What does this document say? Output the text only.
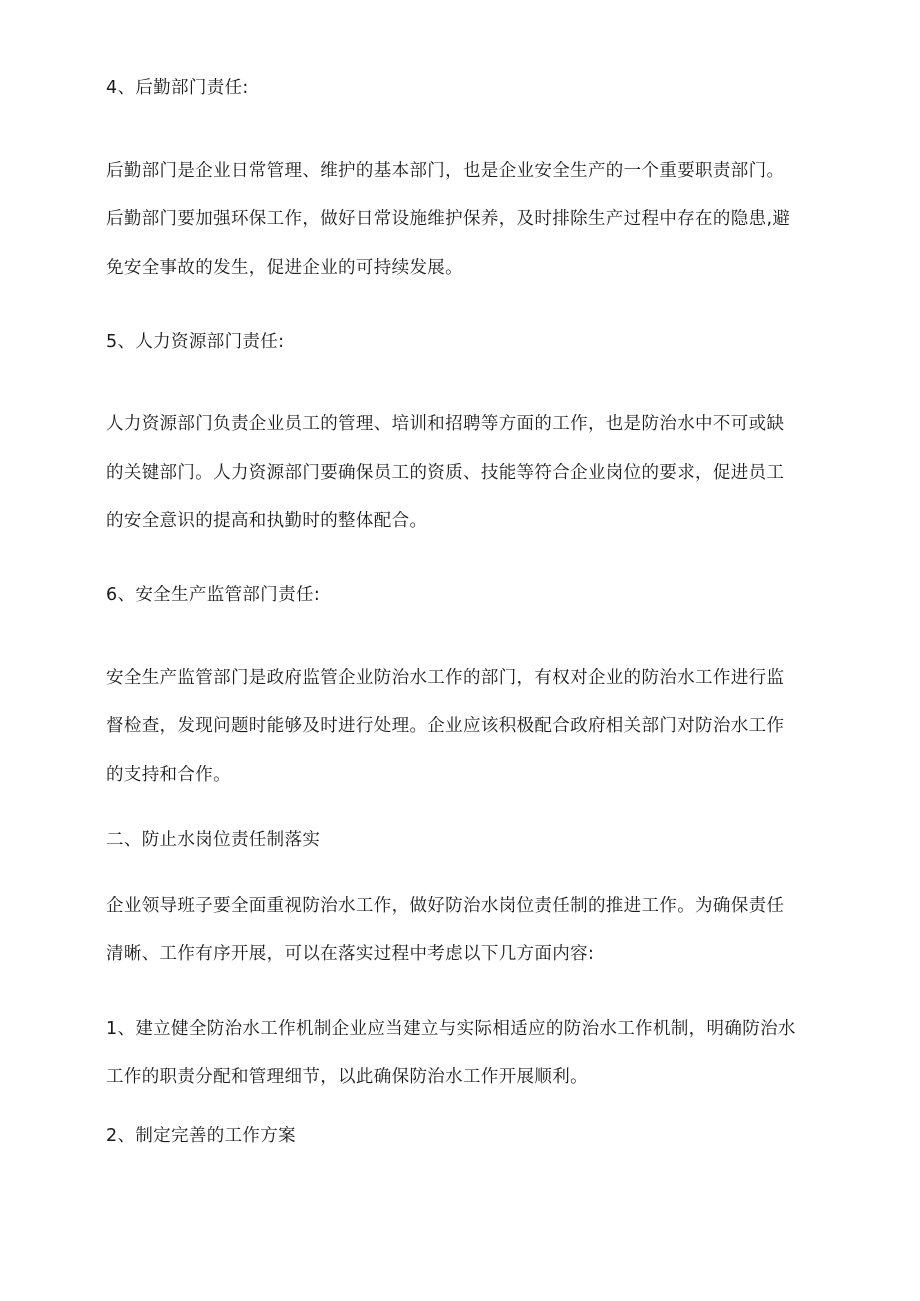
4、后勤部门责任:
后勤部门是企业日常管理、维护的基本部门，也是企业安全生产的一个重要职责部门。
后勤部门要加强环保工作，做好日常设施维护保养，及时排除生产过程中存在的隐患,避
免安全事故的发生，促进企业的可持续发展。
5、人力资源部门责任:
人力资源部门负责企业员工的管理、培训和招聘等方面的工作，也是防治水中不可或缺
的关键部门。人力资源部门要确保员工的资质、技能等符合企业岗位的要求，促进员工
的安全意识的提高和执勤时的整体配合。
6、安全生产监管部门责任:
安全生产监管部门是政府监管企业防治水工作的部门，有权对企业的防治水工作进行监
督检查，发现问题时能够及时进行处理。企业应该积极配合政府相关部门对防治水工作
的支持和合作。
二、防止水岗位责任制落实
企业领导班子要全面重视防治水工作，做好防治水岗位责任制的推进工作。为确保责任
清晰、工作有序开展，可以在落实过程中考虑以下几方面内容:
1、建立健全防治水工作机制企业应当建立与实际相适应的防治水工作机制，明确防治水
工作的职责分配和管理细节，以此确保防治水工作开展顺利。
2、制定完善的工作方案
